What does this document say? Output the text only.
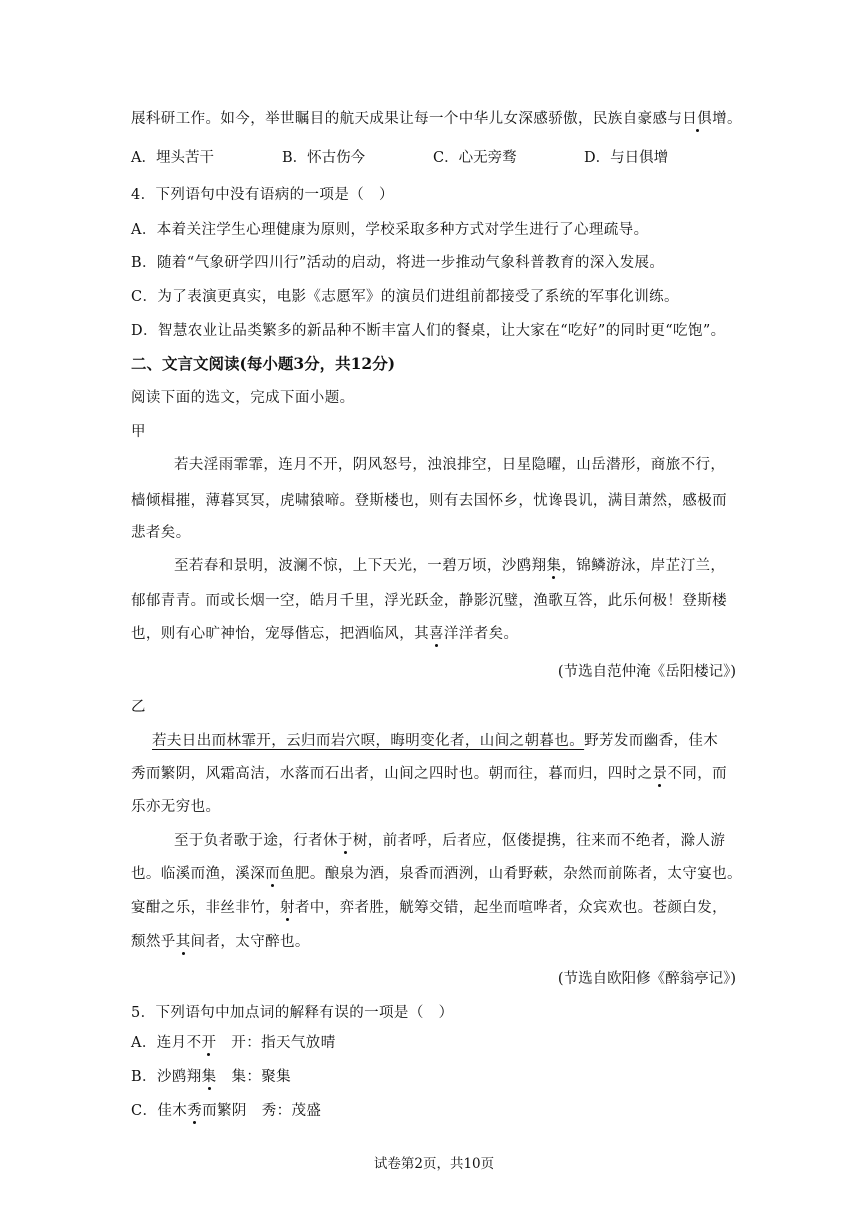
展科研工作。如今，举世瞩目的航天成果让每一个中华儿女深感骄傲，民族自豪感与日俱增。
A．埋头苦干	B．怀古伤今	C．心无旁骛	D．与日俱增
4．下列语句中没有语病的一项是（　）
A．本着关注学生心理健康为原则，学校采取多种方式对学生进行了心理疏导。
B．随着“气象研学四川行”活动的启动，将进一步推动气象科普教育的深入发展。
C．为了表演更真实，电影《志愿军》的演员们进组前都接受了系统的军事化训练。
D．智慧农业让品类繁多的新品种不断丰富人们的餐桌，让大家在“吃好”的同时更“吃饱”。
二、文言文阅读(每小题3分，共12分)
阅读下面的选文，完成下面小题。
甲
若夫淫雨霏霏，连月不开，阴风怒号，浊浪排空，日星隐曜，山岳潜形，商旅不行，
樯倾楫摧，薄暮冥冥，虎啸猿啼。登斯楼也，则有去国怀乡，忧谗畏讥，满目萧然，感极而
悲者矣。
至若春和景明，波澜不惊，上下天光，一碧万顷，沙鸥翔集，锦鳞游泳，岸芷汀兰，
郁郁青青。而或长烟一空，皓月千里，浮光跃金，静影沉璧，渔歌互答，此乐何极！登斯楼
也，则有心旷神怡，宠辱偕忘，把酒临风，其喜洋洋者矣。
(节选自范仲淹《岳阳楼记》)
乙
若夫日出而林霏开，云归而岩穴暝，晦明变化者，山间之朝暮也。野芳发而幽香，佳木
秀而繁阴，风霜高洁，水落而石出者，山间之四时也。朝而往，暮而归，四时之景不同，而
乐亦无穷也。
至于负者歌于途，行者休于树，前者呼，后者应，伛偻提携，往来而不绝者，滁人游
也。临溪而渔，溪深而鱼肥。酿泉为酒，泉香而酒洌，山肴野蔌，杂然而前陈者，太守宴也。
宴酣之乐，非丝非竹，射者中，弈者胜，觥筹交错，起坐而喧哗者，众宾欢也。苍颜白发，
颓然乎其间者，太守醉也。
(节选自欧阳修《醉翁亭记》)
5．下列语句中加点词的解释有误的一项是（　）
A．连月不开　开：指天气放晴
B．沙鸥翔集　集：聚集
C．佳木秀而繁阴　秀：茂盛
试卷第2页，共10页
